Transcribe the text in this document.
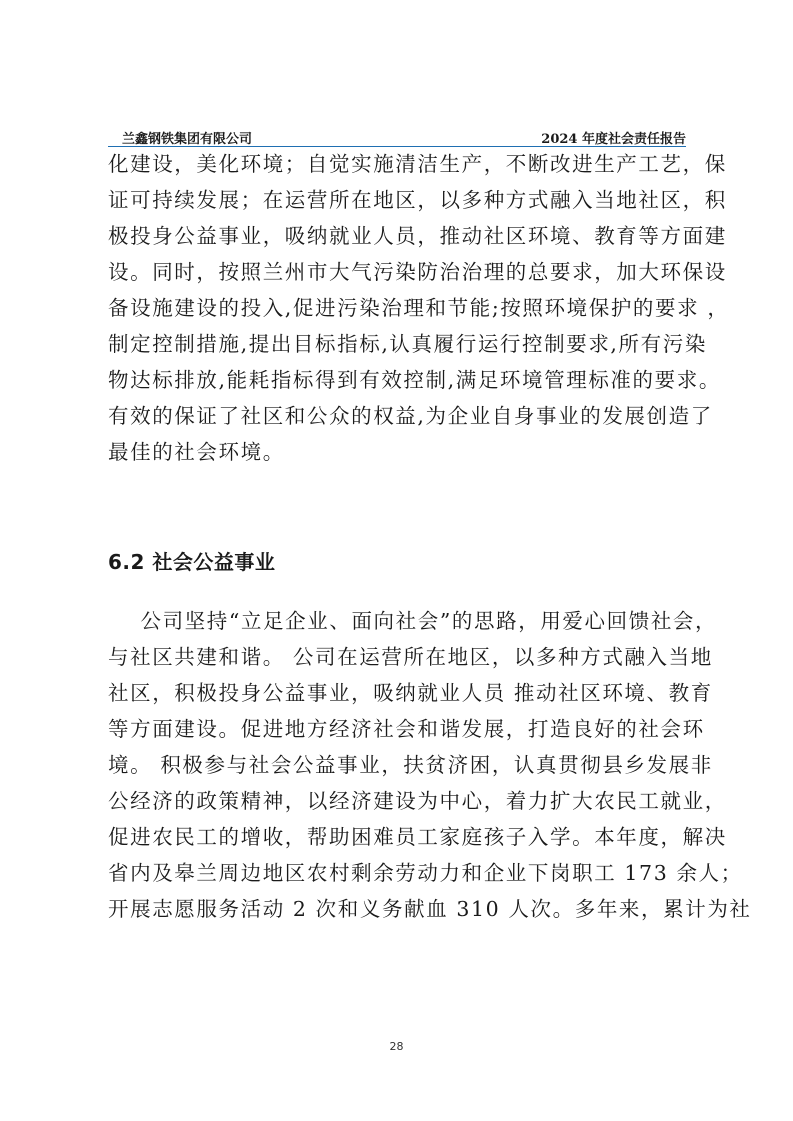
兰鑫钢铁集团有限公司	2024 年度社会责任报告
化建设，美化环境；自觉实施清洁生产，不断改进生产工艺，保
证可持续发展；在运营所在地区，以多种方式融入当地社区，积
极投身公益事业，吸纳就业人员，推动社区环境、教育等方面建
设。同时，按照兰州市大气污染防治治理的总要求，加大环保设
备设施建设的投入,促进污染治理和节能;按照环境保护的要求 ，
制定控制措施,提出目标指标,认真履行运行控制要求,所有污染
物达标排放,能耗指标得到有效控制,满足环境管理标准的要求。
有效的保证了社区和公众的权益,为企业自身事业的发展创造了
最佳的社会环境。
6.2 社会公益事业
公司坚持“立足企业、面向社会”的思路，用爱心回馈社会，
与社区共建和谐。 公司在运营所在地区，以多种方式融入当地
社区，积极投身公益事业，吸纳就业人员 推动社区环境、教育
等方面建设。促进地方经济社会和谐发展，打造良好的社会环
境。 积极参与社会公益事业，扶贫济困，认真贯彻县乡发展非
公经济的政策精神，以经济建设为中心，着力扩大农民工就业，
促进农民工的增收，帮助困难员工家庭孩子入学。本年度，解决
省内及皋兰周边地区农村剩余劳动力和企业下岗职工 173 余人；
开展志愿服务活动 2 次和义务献血 310 人次。多年来，累计为社
28
